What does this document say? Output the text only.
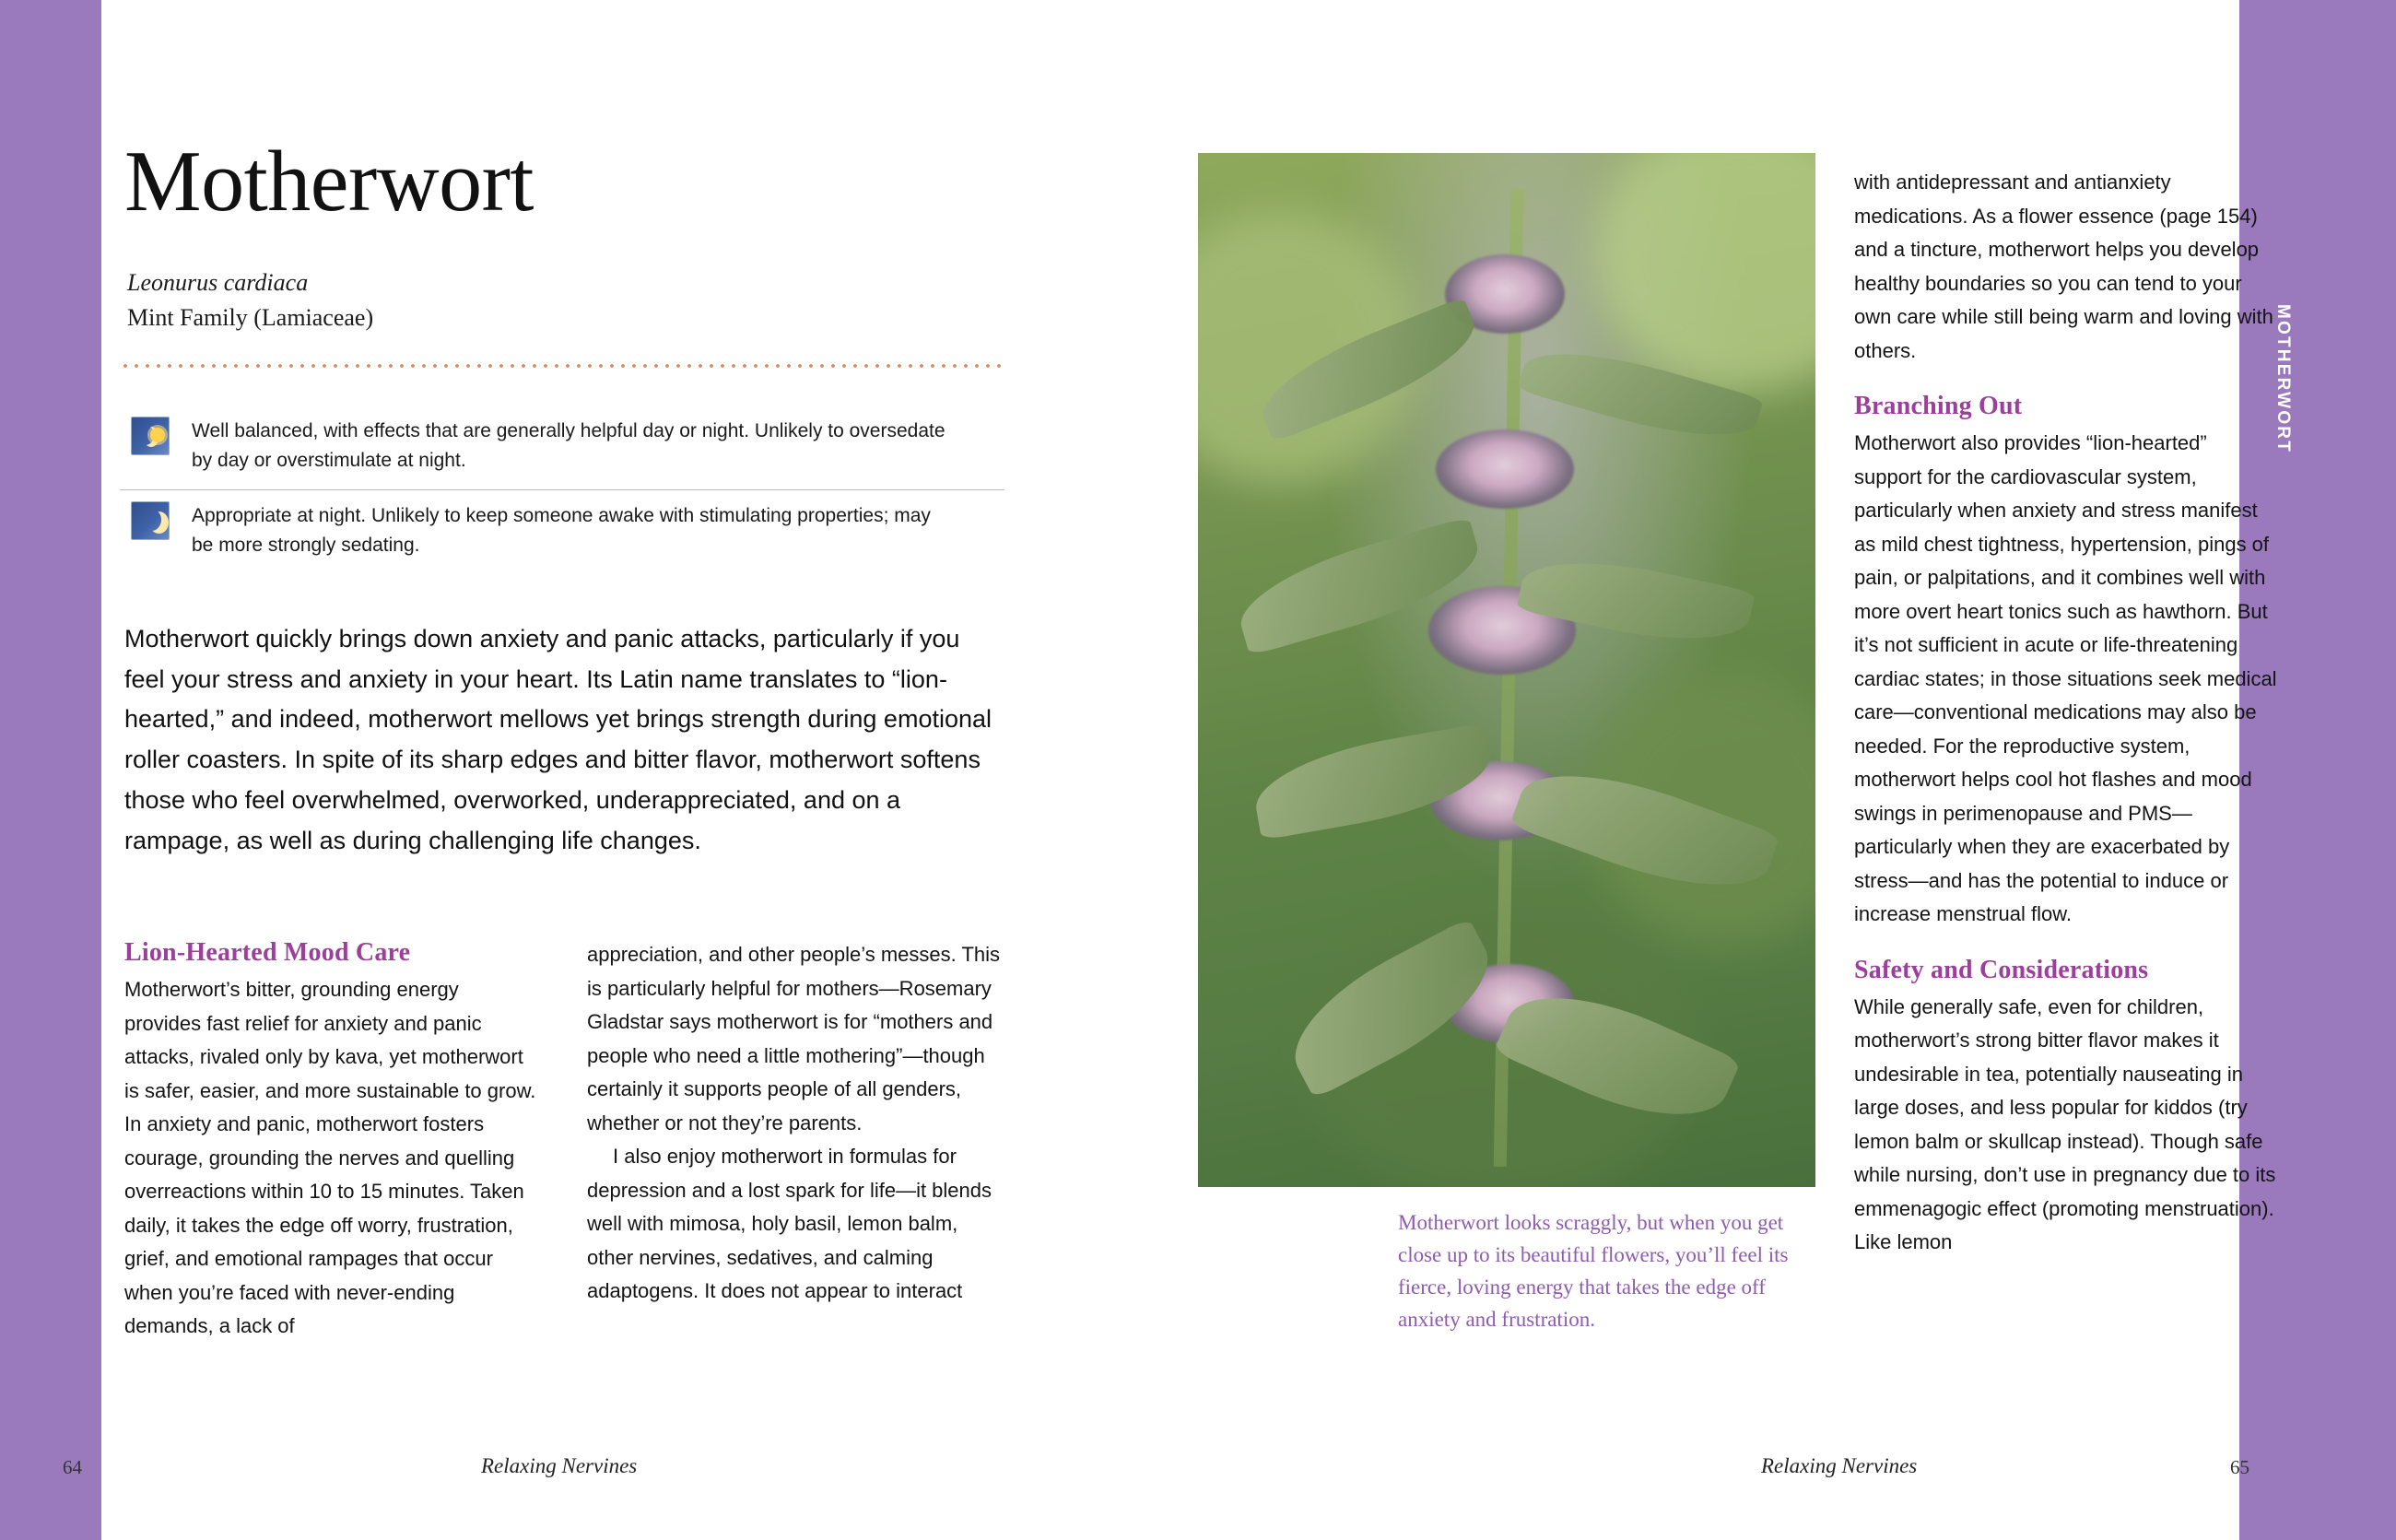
MOTHERWORT
Motherwort
Leonurus cardiaca
Mint Family (Lamiaceae)
Well balanced, with effects that are generally helpful day or night. Unlikely to oversedate by day or overstimulate at night.
Appropriate at night. Unlikely to keep someone awake with stimulating properties; may be more strongly sedating.
Motherwort quickly brings down anxiety and panic attacks, particularly if you feel your stress and anxiety in your heart. Its Latin name translates to “lion-hearted,” and indeed, motherwort mellows yet brings strength during emotional roller coasters. In spite of its sharp edges and bitter flavor, motherwort softens those who feel overwhelmed, overworked, underappreciated, and on a rampage, as well as during challenging life changes.
Lion-Hearted Mood Care

Motherwort’s bitter, grounding energy provides fast relief for anxiety and panic attacks, rivaled only by kava, yet motherwort is safer, easier, and more sustainable to grow. In anxiety and panic, motherwort fosters courage, grounding the nerves and quelling overreactions within 10 to 15 minutes. Taken daily, it takes the edge off worry, frustration, grief, and emotional rampages that occur when you’re faced with never-ending demands, a lack of

appreciation, and other people’s messes. This is particularly helpful for mothers—Rosemary Gladstar says motherwort is for “mothers and people who need a little mothering”—though certainly it supports people of all genders, whether or not they’re parents.

I also enjoy motherwort in formulas for depression and a lost spark for life—it blends well with mimosa, holy basil, lemon balm, other nervines, sedatives, and calming adaptogens. It does not appear to interact

64	Relaxing Nervines
Motherwort looks scraggly, but when you get close up to its beautiful flowers, you’ll feel its fierce, loving energy that takes the edge off anxiety and frustration.

with antidepressant and antianxiety medications. As a flower essence (page 154) and a tincture, motherwort helps you develop healthy boundaries so you can tend to your own care while still being warm and loving with others.

Branching Out

Motherwort also provides “lion-hearted” support for the cardiovascular system, particularly when anxiety and stress manifest as mild chest tightness, hypertension, pings of pain, or palpitations, and it combines well with more overt heart tonics such as hawthorn. But it’s not sufficient in acute or life-threatening cardiac states; in those situations seek medical care—conventional medications may also be needed. For the reproductive system, motherwort helps cool hot flashes and mood swings in perimenopause and PMS—particularly when they are exacerbated by stress—and has the potential to induce or increase menstrual flow.

Safety and Considerations

While generally safe, even for children, motherwort’s strong bitter flavor makes it undesirable in tea, potentially nauseating in large doses, and less popular for kiddos (try lemon balm or skullcap instead). Though safe while nursing, don’t use in pregnancy due to its emmenagogic effect (promoting menstruation). Like lemon

65
Relaxing Nervines
